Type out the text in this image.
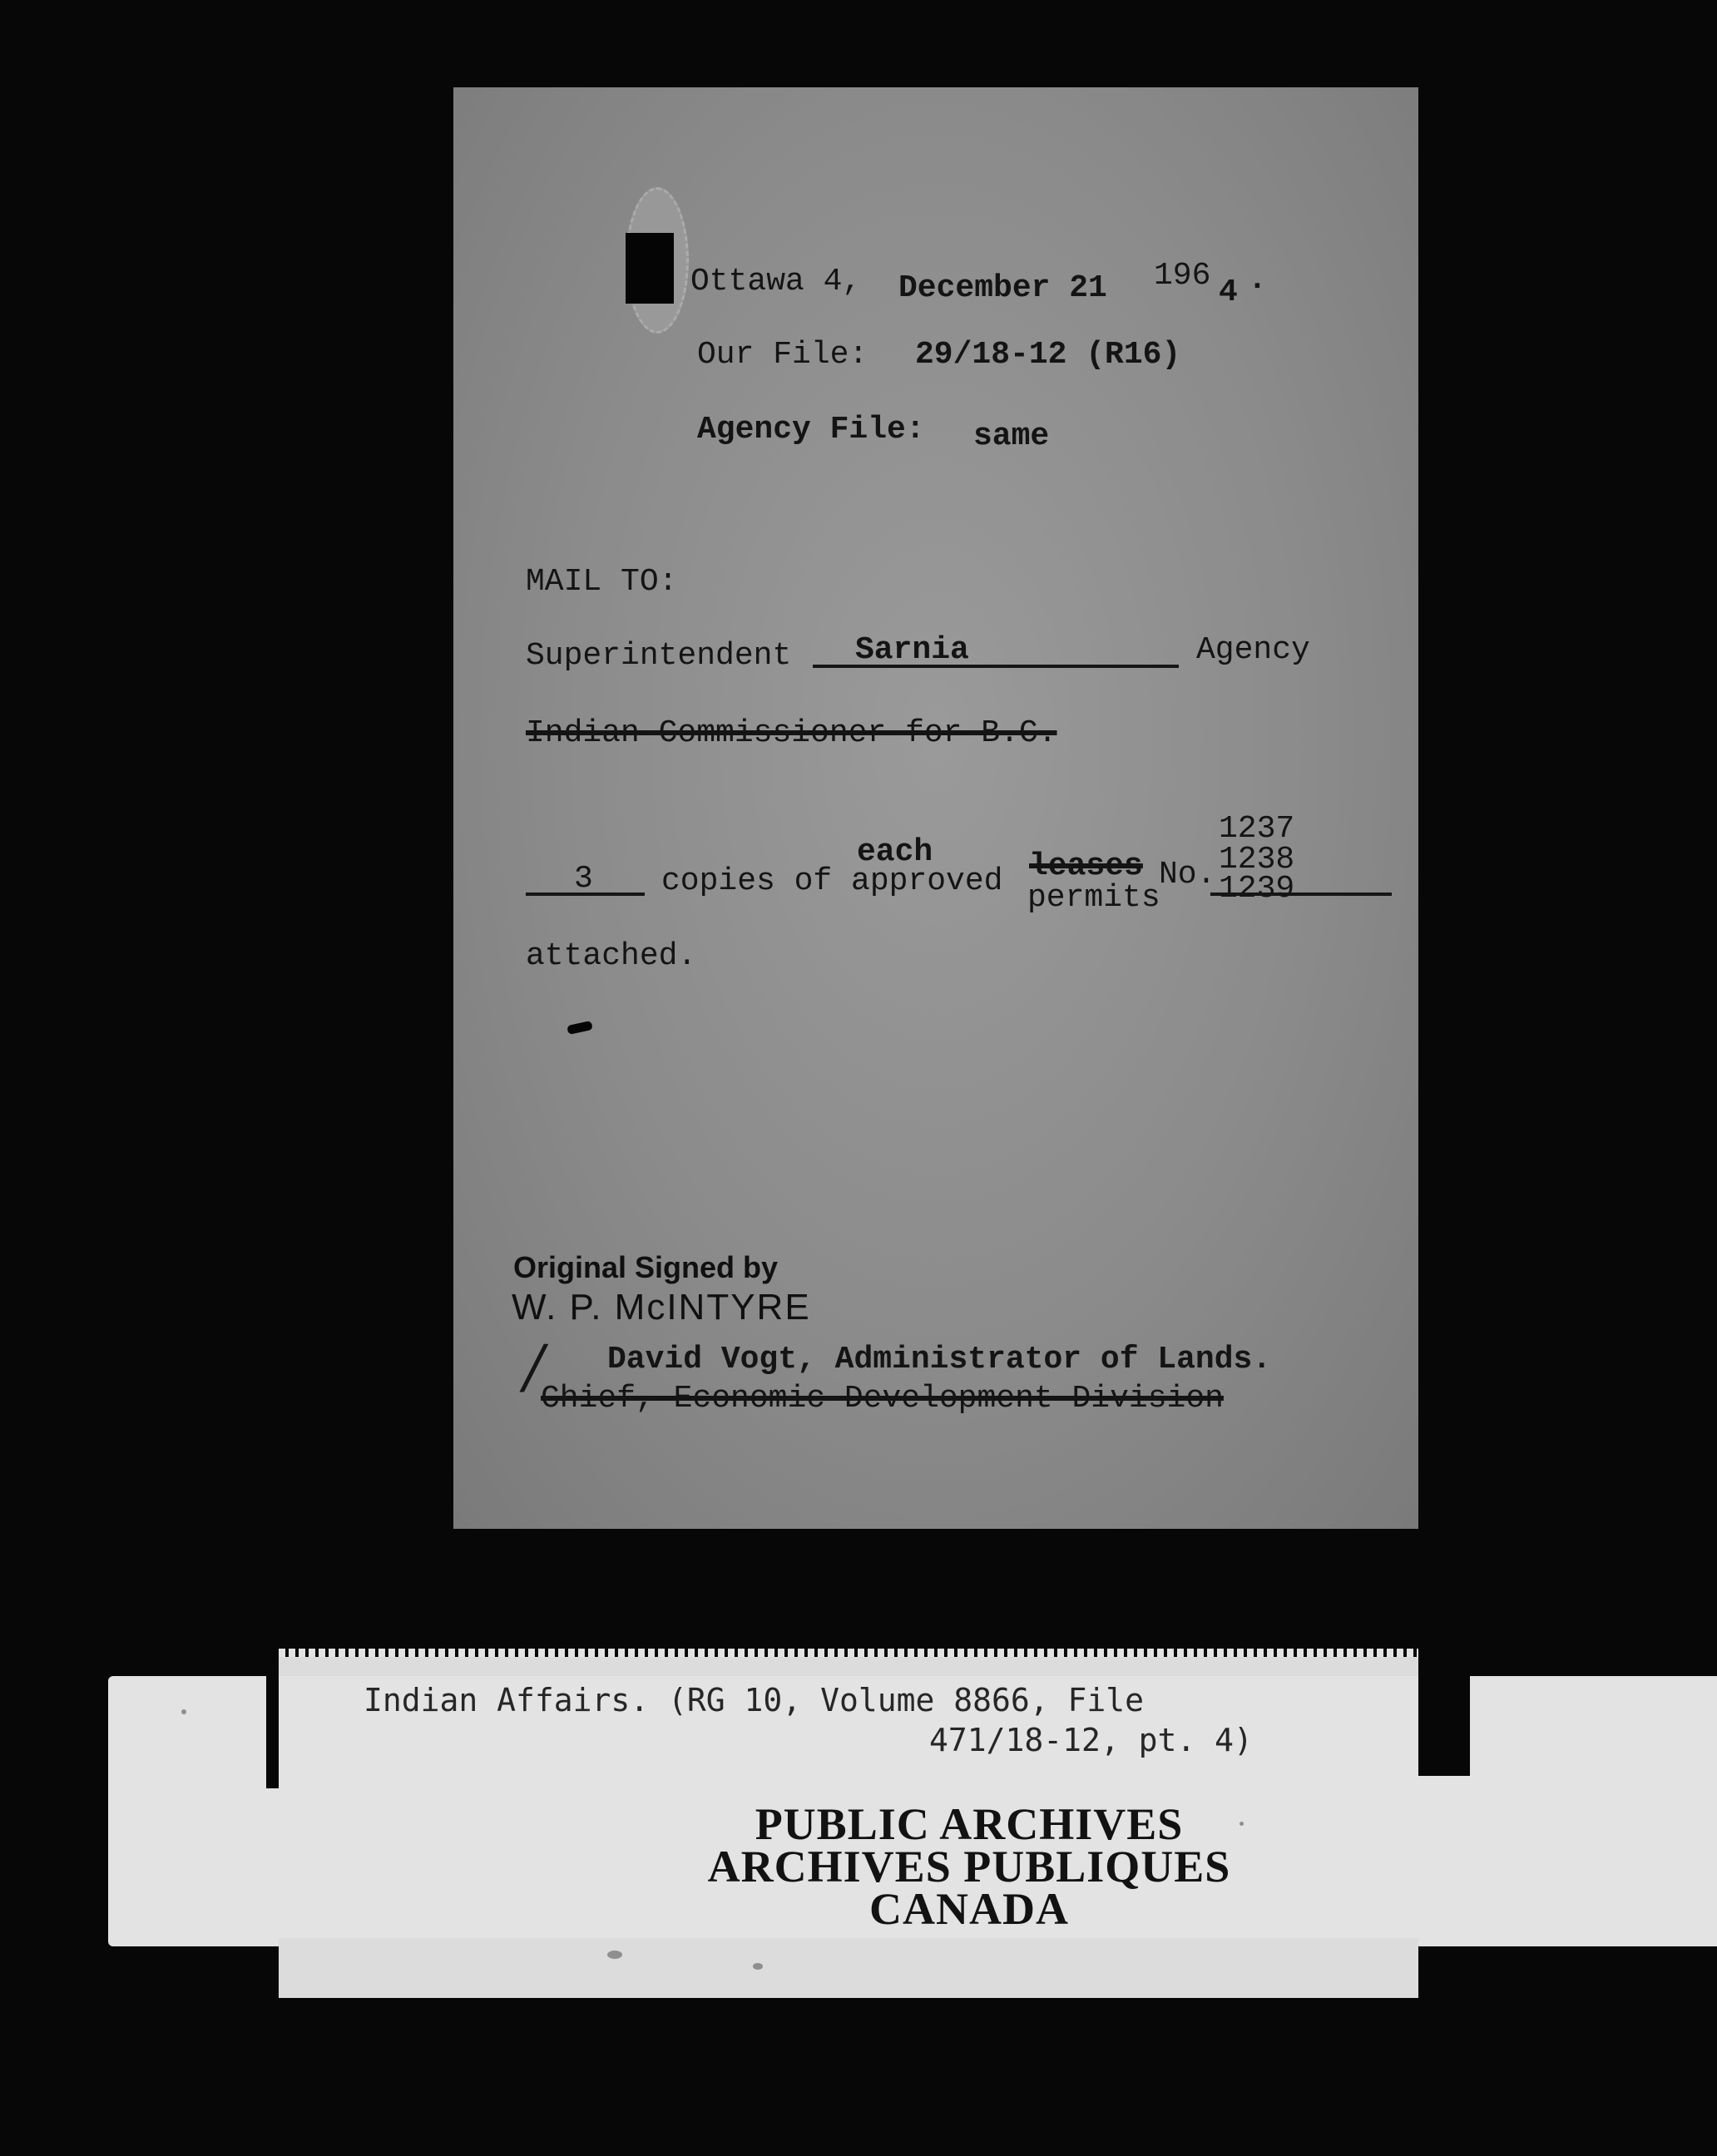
Ottawa 4, December 21 196 4 .
Our File: 29/18-12 (R16)
Agency File: same
MAIL TO:
Superintendent Sarnia	Agency
Indian Commissioner for B.C.
3 copies of approved
each	leases
permits
No.
1237
1238
1239
attached.
Original Signed by
W. P. McINTYRE
/ David Vogt, Administrator of Lands.
Chief, Economic Development Division
Indian Affairs. (RG 10, Volume 8866, File
471/18-12, pt. 4)
PUBLIC ARCHIVES
ARCHIVES PUBLIQUES
CANADA
